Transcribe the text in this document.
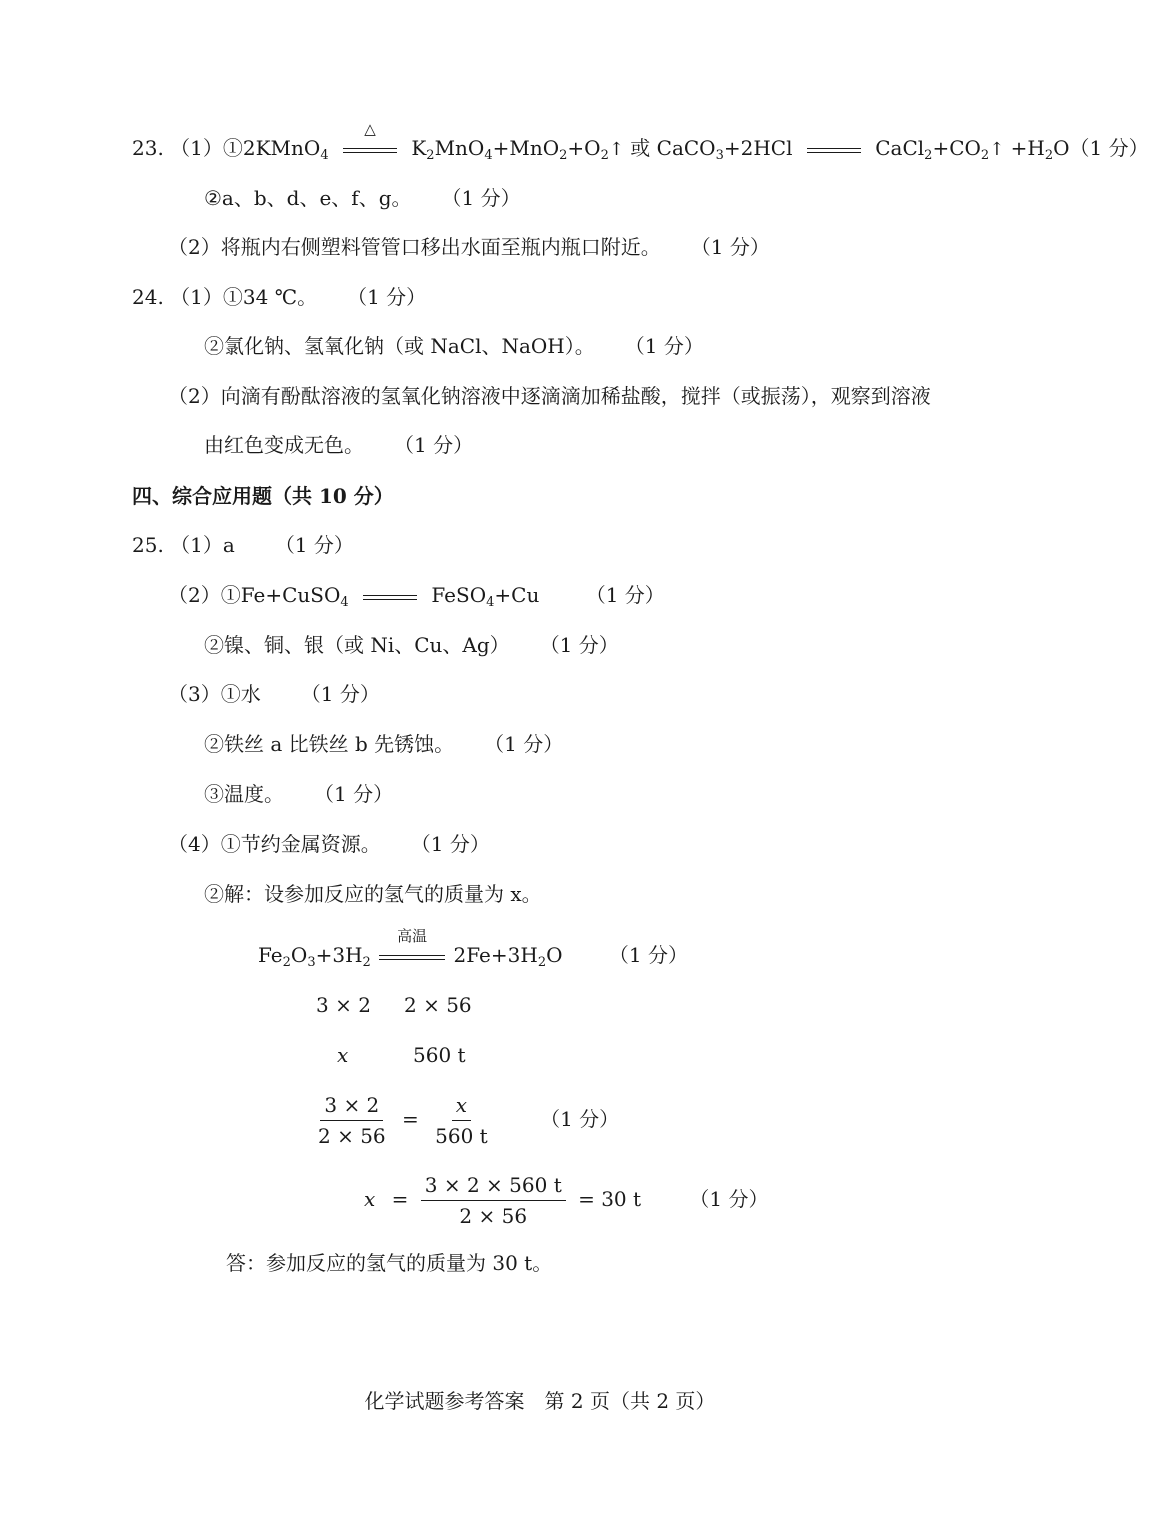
23. （1）①2KMnO$_4$
△
$K_2MnO_4+MnO_2+O_2↑$ 或 CaCO$_3$+2HCl	$CaCl_2+CO_2↑ +H_2O(1$ 分）
②a、b、d、e、f、g。 （1 分）
（2）将瓶内右侧塑料管管口移出水面至瓶内瓶口附近。 （1 分）
24. （1）①34 ℃。 （1 分）
②氯化钠、氢氧化钠（或 NaCl、NaOH）。 （1 分）
（2）向滴有酚酞溶液的氢氧化钠溶液中逐滴滴加稀盐酸，搅拌（或振荡），观察到溶液
由红色变成无色。 （1 分）
四、综合应用题（共 10 分）
25. （1）a （1 分）
（2）①Fe+CuSO$_4$	FeSO$_4$+Cu （1 分）
②镍、铜、银（或 Ni、Cu、Ag） （1 分）
（3）①水 （1 分）
②铁丝 a 比铁丝 b 先锈蚀。 （1 分）
③温度。 （1 分）
（4）①节约金属资源。 （1 分）
②解：设参加反应的氢气的质量为 x。
$Fe_2O_3+3H_2$
高温
$2Fe+3H_2O$ （1 分）
3 × 2 2 × 56
x	560 t
$\frac{3 \times 2}{2 \times 56} = \frac{x}{560 t} (1$ 分）
$x = \frac{3 \times 2 \times 560 t}{2 \times 56} = 30$ t （1 分）
答：参加反应的氢气的质量为 30 t。
化学试题参考答案　第 2 页（共 2 页）
